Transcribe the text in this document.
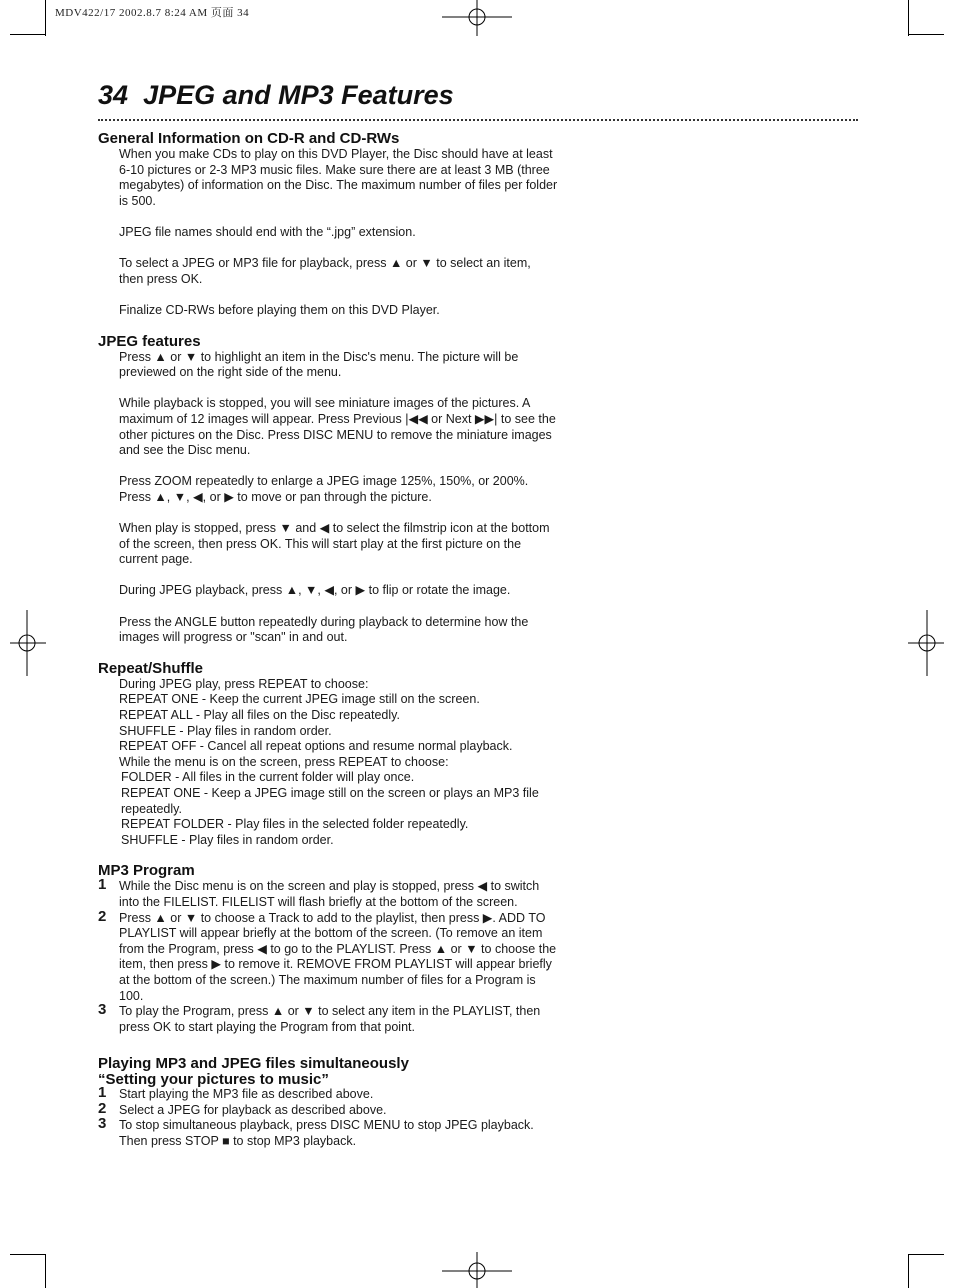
MDV422/17 2002.8.7 8:24 AM 页面 34
34 JPEG and MP3 Features
General Information on CD-R and CD-RWs

When you make CDs to play on this DVD Player, the Disc should have at least 6-10 pictures or 2-3 MP3 music files. Make sure there are at least 3 MB (three megabytes) of information on the Disc. The maximum number of files per folder is 500.

JPEG file names should end with the “.jpg” extension.

To select a JPEG or MP3 file for playback, press ▲ or ▼ to select an item, then press OK.

Finalize CD-RWs before playing them on this DVD Player.

JPEG features

Press ▲ or ▼ to highlight an item in the Disc's menu. The picture will be previewed on the right side of the menu.

While playback is stopped, you will see miniature images of the pictures. A maximum of 12 images will appear. Press Previous |◀◀ or Next ▶▶| to see the other pictures on the Disc. Press DISC MENU to remove the miniature images and see the Disc menu.

Press ZOOM repeatedly to enlarge a JPEG image 125%, 150%, or 200%. Press ▲, ▼, ◀, or ▶ to move or pan through the picture.

When play is stopped, press ▼ and ◀ to select the filmstrip icon at the bottom of the screen, then press OK. This will start play at the first picture on the current page.

During JPEG playback, press ▲, ▼, ◀, or ▶ to flip or rotate the image.

Press the ANGLE button repeatedly during playback to determine how the images will progress or "scan" in and out.

Repeat/Shuffle
During JPEG play, press REPEAT to choose:
REPEAT ONE - Keep the current JPEG image still on the screen.
REPEAT ALL - Play all files on the Disc repeatedly.
SHUFFLE - Play files in random order.
REPEAT OFF - Cancel all repeat options and resume normal playback.
While the menu is on the screen, press REPEAT to choose:
FOLDER - All files in the current folder will play once.
REPEAT ONE - Keep a JPEG image still on the screen or plays an MP3 file repeatedly.
REPEAT FOLDER - Play files in the selected folder repeatedly.
SHUFFLE - Play files in random order.
MP3 Program
1 While the Disc menu is on the screen and play is stopped, press ◀ to switch into the FILELIST. FILELIST will flash briefly at the bottom of the screen.
2 Press ▲ or ▼ to choose a Track to add to the playlist, then press ▶. ADD TO PLAYLIST will appear briefly at the bottom of the screen. (To remove an item from the Program, press ◀ to go to the PLAYLIST. Press ▲ or ▼ to choose the item, then press ▶ to remove it. REMOVE FROM PLAYLIST will appear briefly at the bottom of the screen.) The maximum number of files for a Program is 100.
3 To play the Program, press ▲ or ▼ to select any item in the PLAYLIST, then press OK to start playing the Program from that point.
Playing MP3 and JPEG files simultaneously
“Setting your pictures to music”
1 Start playing the MP3 file as described above.
2 Select a JPEG for playback as described above.
3 To stop simultaneous playback, press DISC MENU to stop JPEG playback. Then press STOP ■ to stop MP3 playback.
